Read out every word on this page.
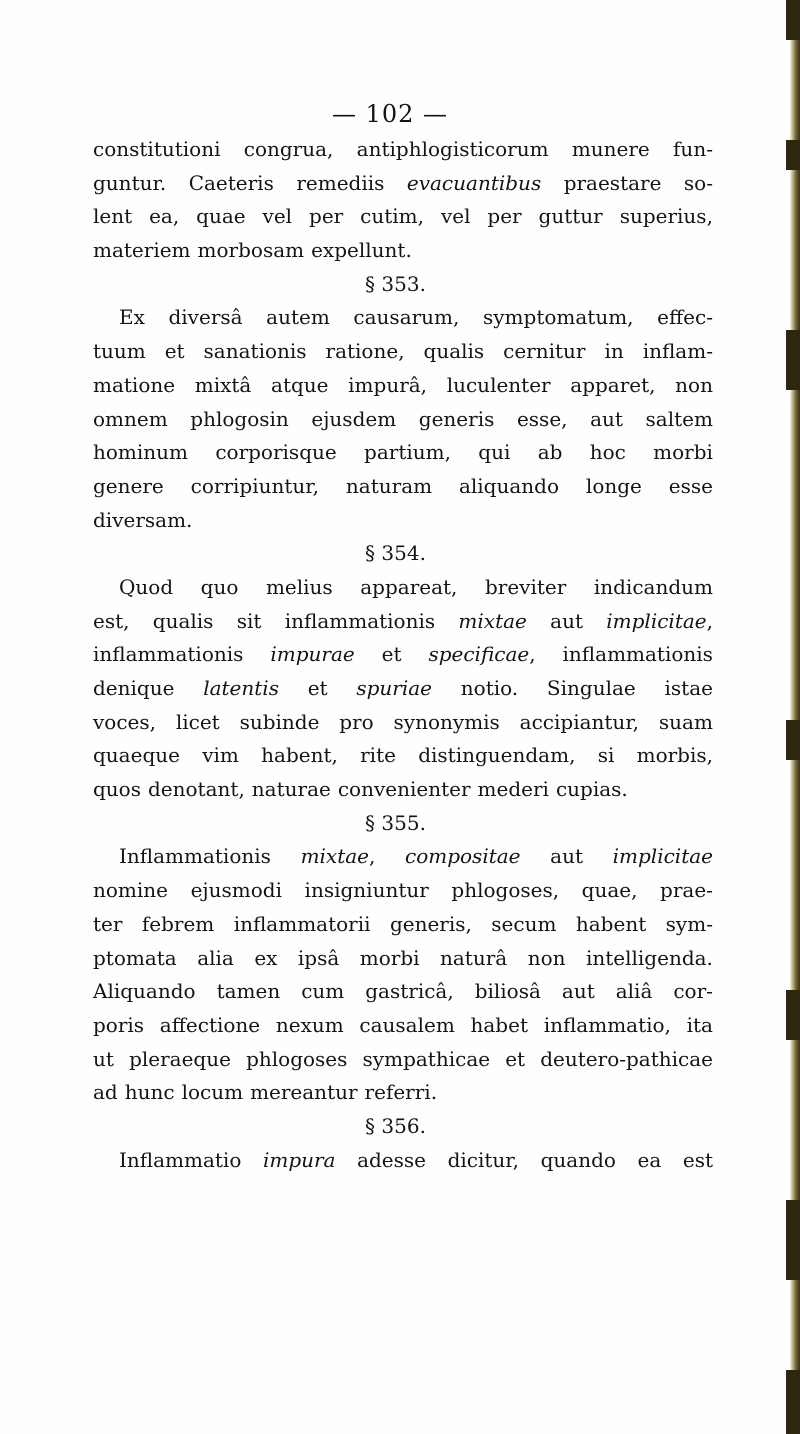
— 102 —
constitutioni congrua, antiphlogisticorum munere fun-
guntur. Caeteris remediis evacuantibus praestare so-
lent ea, quae vel per cutim, vel per guttur superius,
materiem morbosam expellunt.
§ 353.
Ex diversâ autem causarum, symptomatum, effec-
tuum et sanationis ratione, qualis cernitur in inflam-
matione mixtâ atque impurâ, luculenter apparet, non
omnem phlogosin ejusdem generis esse, aut saltem
hominum corporisque partium, qui ab hoc morbi
genere corripiuntur, naturam aliquando longe esse
diversam.
§ 354.
Quod quo melius appareat, breviter indicandum
est, qualis sit inflammationis mixtae aut implicitae,
inflammationis impurae et specificae, inflammationis
denique latentis et spuriae notio. Singulae istae
voces, licet subinde pro synonymis accipiantur, suam
quaeque vim habent, rite distinguendam, si morbis,
quos denotant, naturae convenienter mederi cupias.
§ 355.
Inflammationis mixtae, compositae aut implicitae
nomine ejusmodi insigniuntur phlogoses, quae, prae-
ter febrem inflammatorii generis, secum habent sym-
ptomata alia ex ipsâ morbi naturâ non intelligenda.
Aliquando tamen cum gastricâ, biliosâ aut aliâ cor-
poris affectione nexum causalem habet inflammatio, ita
ut pleraeque phlogoses sympathicae et deutero-pathicae
ad hunc locum mereantur referri.
§ 356.
Inflammatio impura adesse dicitur, quando ea est
